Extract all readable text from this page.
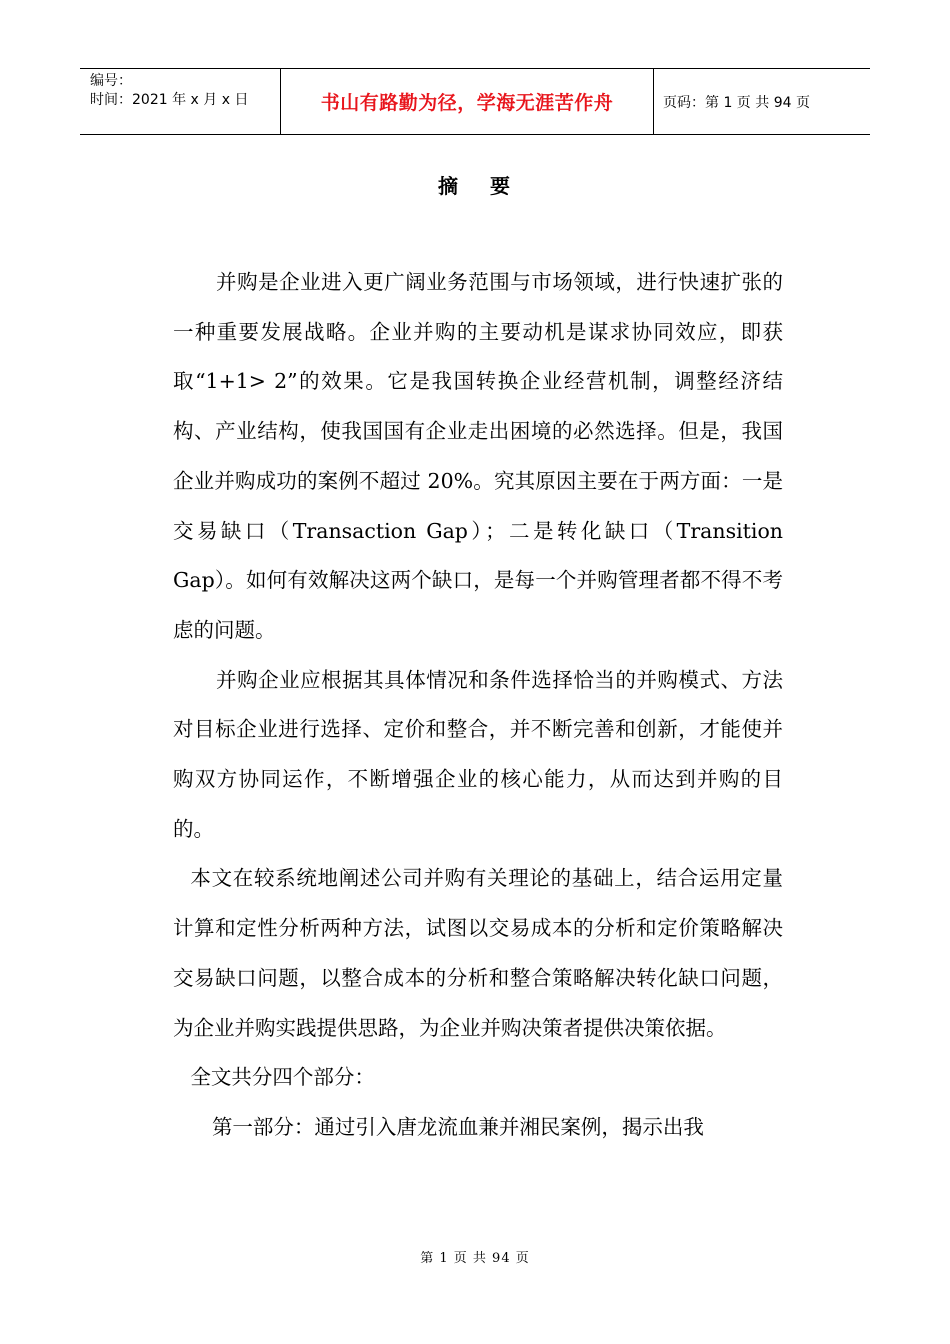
编号：
时间：2021 年 x 月 x 日	书山有路勤为径，学海无涯苦作舟	页码：第 1 页 共 94 页
摘 要

并购是企业进入更广阔业务范围与市场领域，进行快速扩张的一种重要发展战略。企业并购的主要动机是谋求协同效应，即获取“1+1> 2”的效果。它是我国转换企业经营机制，调整经济结构、产业结构，使我国国有企业走出困境的必然选择。但是，我国企业并购成功的案例不超过 20%。究其原因主要在于两方面：一是交易缺口（Transaction Gap）；二是转化缺口（Transition Gap）。如何有效解决这两个缺口，是每一个并购管理者都不得不考虑的问题。

并购企业应根据其具体情况和条件选择恰当的并购模式、方法对目标企业进行选择、定价和整合，并不断完善和创新，才能使并购双方协同运作，不断增强企业的核心能力，从而达到并购的目的。

本文在较系统地阐述公司并购有关理论的基础上，结合运用定量计算和定性分析两种方法，试图以交易成本的分析和定价策略解决交易缺口问题，以整合成本的分析和整合策略解决转化缺口问题，为企业并购实践提供思路，为企业并购决策者提供决策依据。

全文共分四个部分：

第一部分：通过引入唐龙流血兼并湘民案例，揭示出我

第 1 页 共 94 页
